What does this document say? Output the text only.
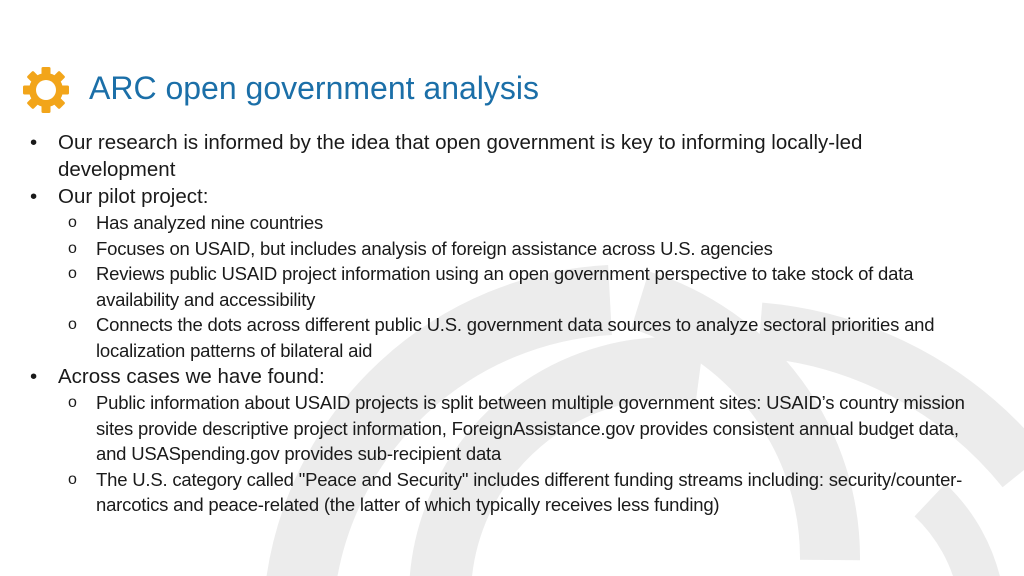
ARC open government analysis
• Our research is informed by the idea that open government is key to informing locally-led development
• Our pilot project:
o Has analyzed nine countries
o Focuses on USAID, but includes analysis of foreign assistance across U.S. agencies
o Reviews public USAID project information using an open government perspective to take stock of data availability and accessibility
o Connects the dots across different public U.S. government data sources to analyze sectoral priorities and localization patterns of bilateral aid
• Across cases we have found:
o Public information about USAID projects is split between multiple government sites: USAID’s country mission sites provide descriptive project information, ForeignAssistance.gov provides consistent annual budget data, and USASpending.gov provides sub-recipient data
o The U.S. category called "Peace and Security" includes different funding streams including: security/counter-narcotics and peace-related (the latter of which typically receives less funding)
